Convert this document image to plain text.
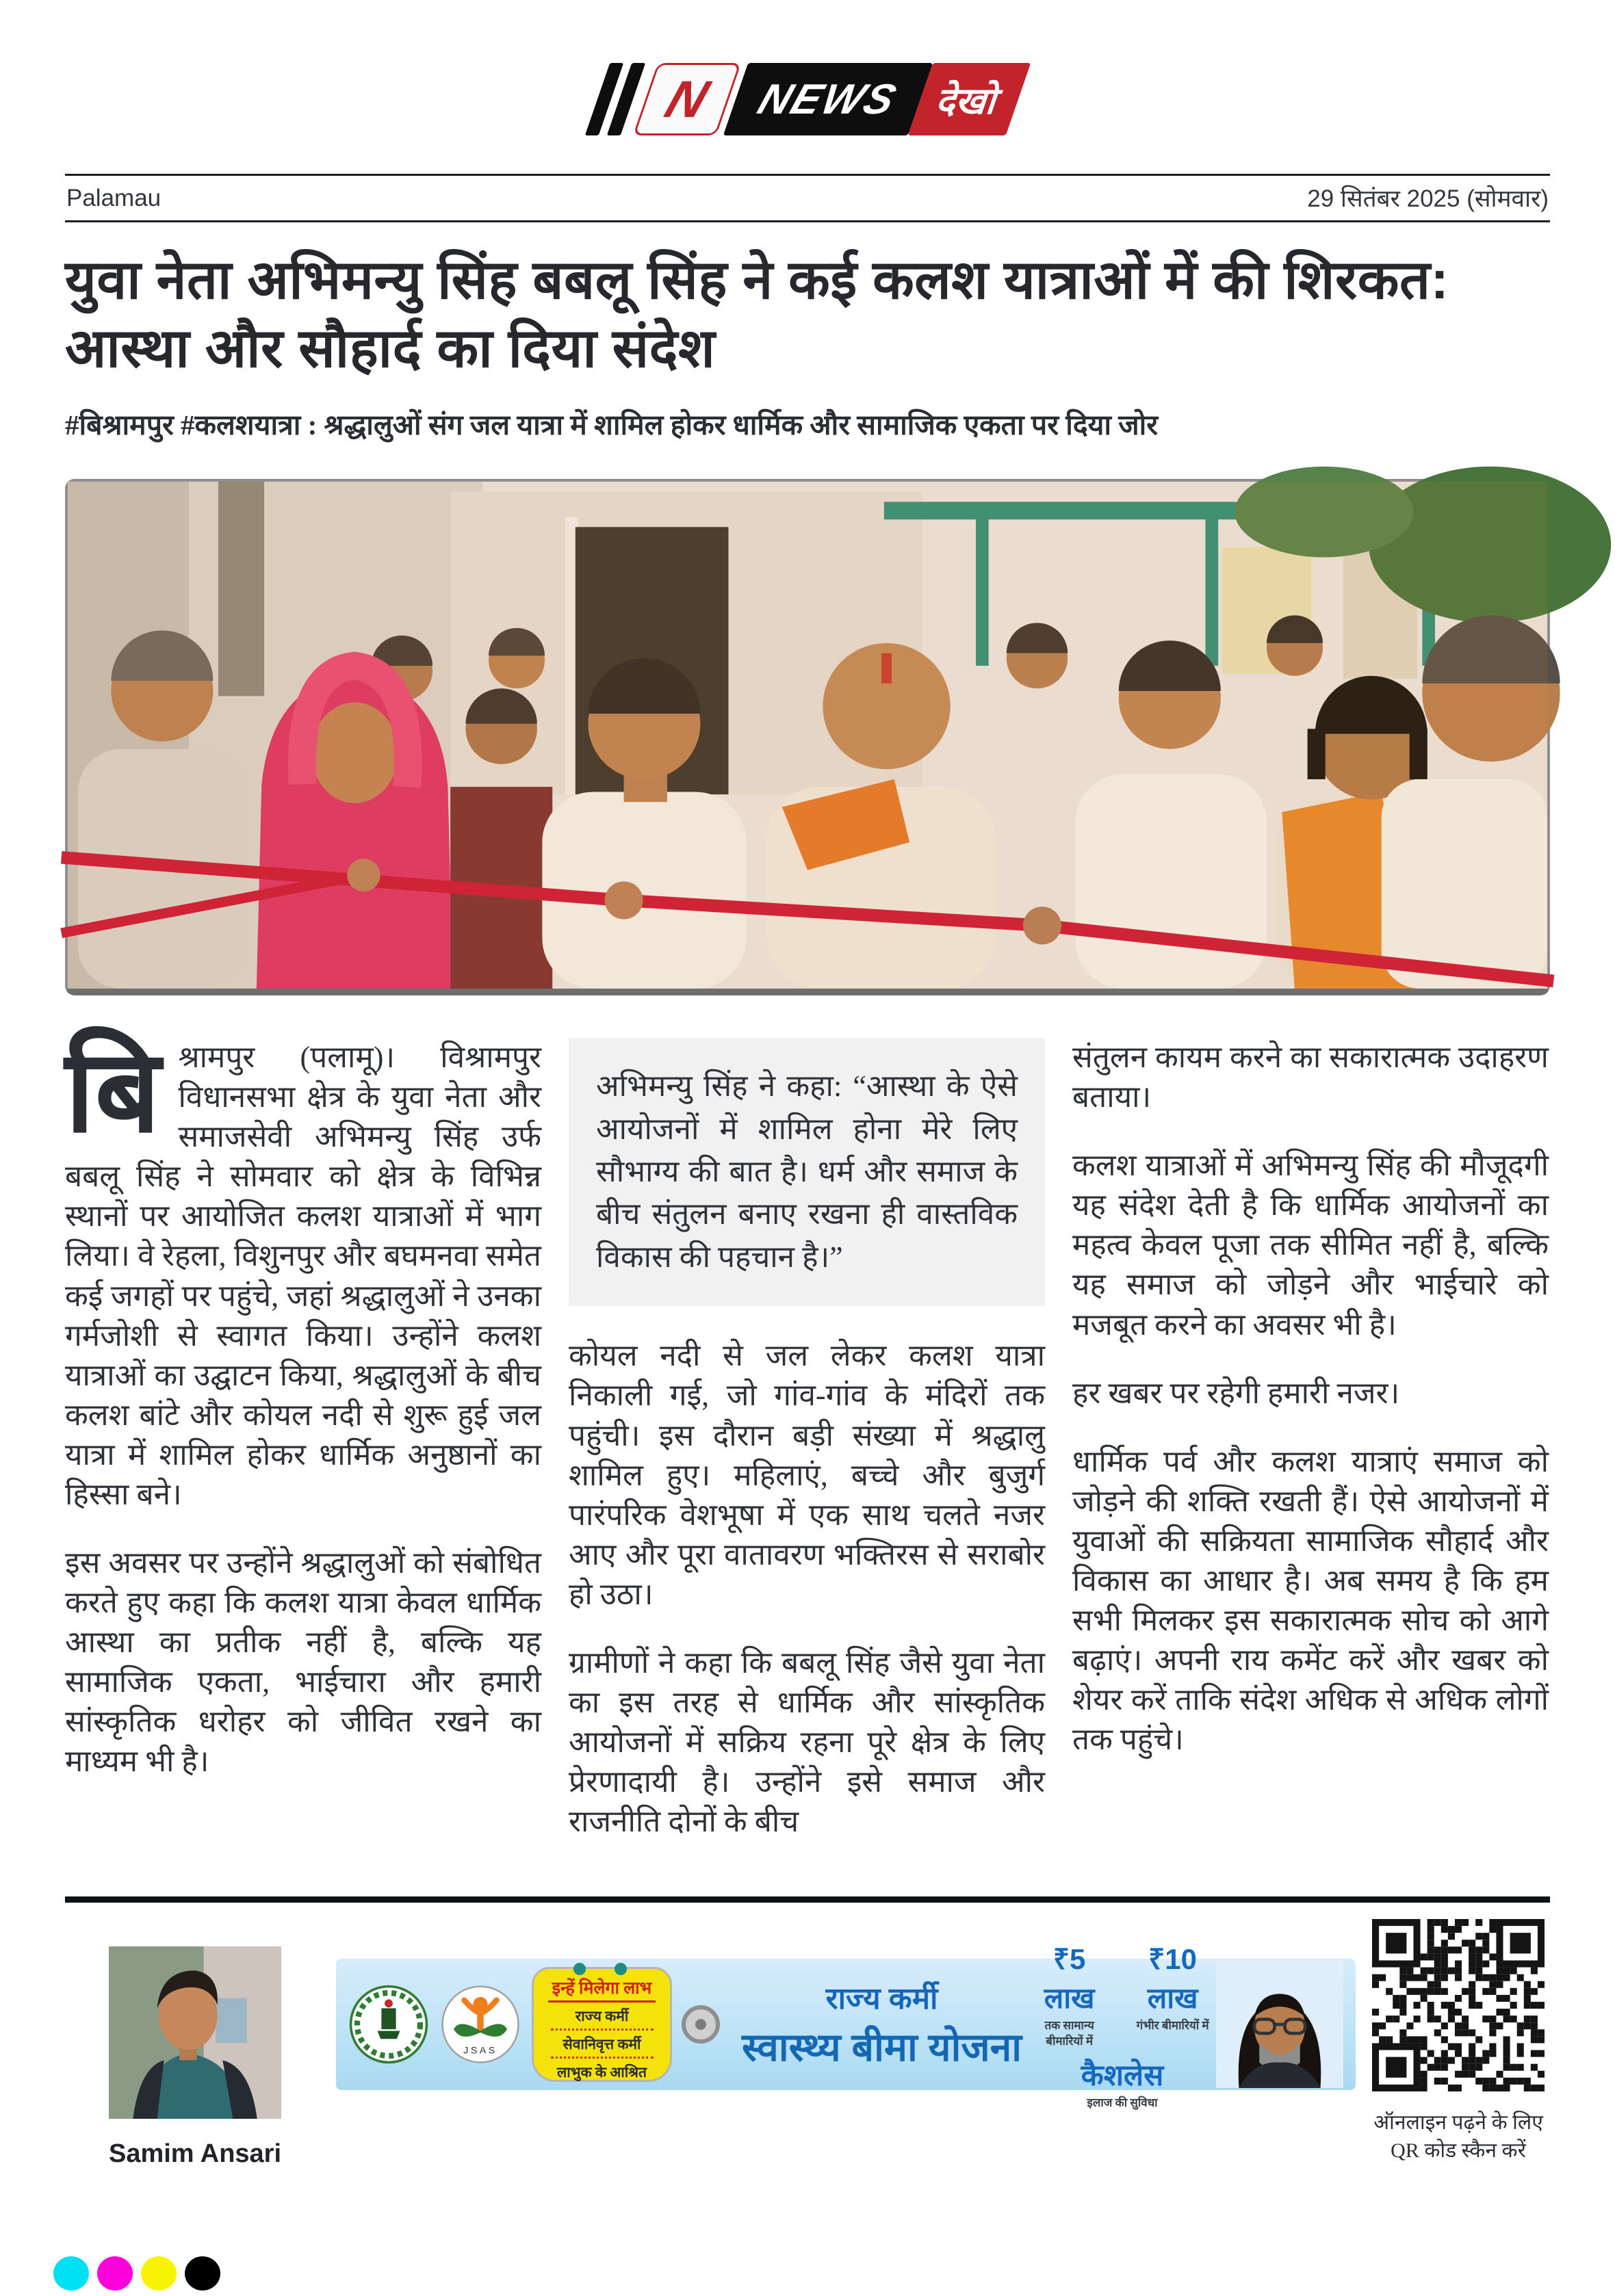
N NEWS देखो
Palamau	29 सितंबर 2025 (सोमवार)
युवा नेता अभिमन्यु सिंह बबलू सिंह ने कई कलश यात्राओं में की शिरकत: आस्था और सौहार्द का दिया संदेश
#बिश्रामपुर #कलशयात्रा : श्रद्धालुओं संग जल यात्रा में शामिल होकर धार्मिक और सामाजिक एकता पर दिया जोर

बिश्रामपुर (पलामू)। विश्रामपुर विधानसभा क्षेत्र के युवा नेता और समाजसेवी अभिमन्यु सिंह उर्फ बबलू सिंह ने सोमवार को क्षेत्र के विभिन्न स्थानों पर आयोजित कलश यात्राओं में भाग लिया। वे रेहला, विशुनपुर और बघमनवा समेत कई जगहों पर पहुंचे, जहां श्रद्धालुओं ने उनका गर्मजोशी से स्वागत किया। उन्होंने कलश यात्राओं का उद्घाटन किया, श्रद्धालुओं के बीच कलश बांटे और कोयल नदी से शुरू हुई जल यात्रा में शामिल होकर धार्मिक अनुष्ठानों का हिस्सा बने।

इस अवसर पर उन्होंने श्रद्धालुओं को संबोधित करते हुए कहा कि कलश यात्रा केवल धार्मिक आस्था का प्रतीक नहीं है, बल्कि यह सामाजिक एकता, भाईचारा और हमारी सांस्कृतिक धरोहर को जीवित रखने का माध्यम भी है।

अभिमन्यु सिंह ने कहा: “आस्था के ऐसे आयोजनों में शामिल होना मेरे लिए सौभाग्य की बात है। धर्म और समाज के बीच संतुलन बनाए रखना ही वास्तविक विकास की पहचान है।”

कोयल नदी से जल लेकर कलश यात्रा निकाली गई, जो गांव-गांव के मंदिरों तक पहुंची। इस दौरान बड़ी संख्या में श्रद्धालु शामिल हुए। महिलाएं, बच्चे और बुजुर्ग पारंपरिक वेशभूषा में एक साथ चलते नजर आए और पूरा वातावरण भक्तिरस से सराबोर हो उठा।

ग्रामीणों ने कहा कि बबलू सिंह जैसे युवा नेता का इस तरह से धार्मिक और सांस्कृतिक आयोजनों में सक्रिय रहना पूरे क्षेत्र के लिए प्रेरणादायी है। उन्होंने इसे समाज और राजनीति दोनों के बीच

संतुलन कायम करने का सकारात्मक उदाहरण बताया।

कलश यात्राओं में अभिमन्यु सिंह की मौजूदगी यह संदेश देती है कि धार्मिक आयोजनों का महत्व केवल पूजा तक सीमित नहीं है, बल्कि यह समाज को जोड़ने और भाईचारे को मजबूत करने का अवसर भी है।

हर खबर पर रहेगी हमारी नजर।

धार्मिक पर्व और कलश यात्राएं समाज को जोड़ने की शक्ति रखती हैं। ऐसे आयोजनों में युवाओं की सक्रियता सामाजिक सौहार्द और विकास का आधार है। अब समय है कि हम सभी मिलकर इस सकारात्मक सोच को आगे बढ़ाएं। अपनी राय कमेंट करें और खबर को शेयर करें ताकि संदेश अधिक से अधिक लोगों तक पहुंचे।

Samim Ansari
JSAS
इन्हें मिलेगा लाभ
राज्य कर्मी
सेवानिवृत्त कर्मी
लाभुक के आश्रित
राज्य कर्मी
स्वास्थ्य बीमा योजना
₹5 लाख
तक सामान्य बीमारियों में
₹10 लाख
गंभीर बीमारियों में
कैशलेस
इलाज की सुविधा
ऑनलाइन पढ़ने के लिए
QR कोड स्कैन करें
